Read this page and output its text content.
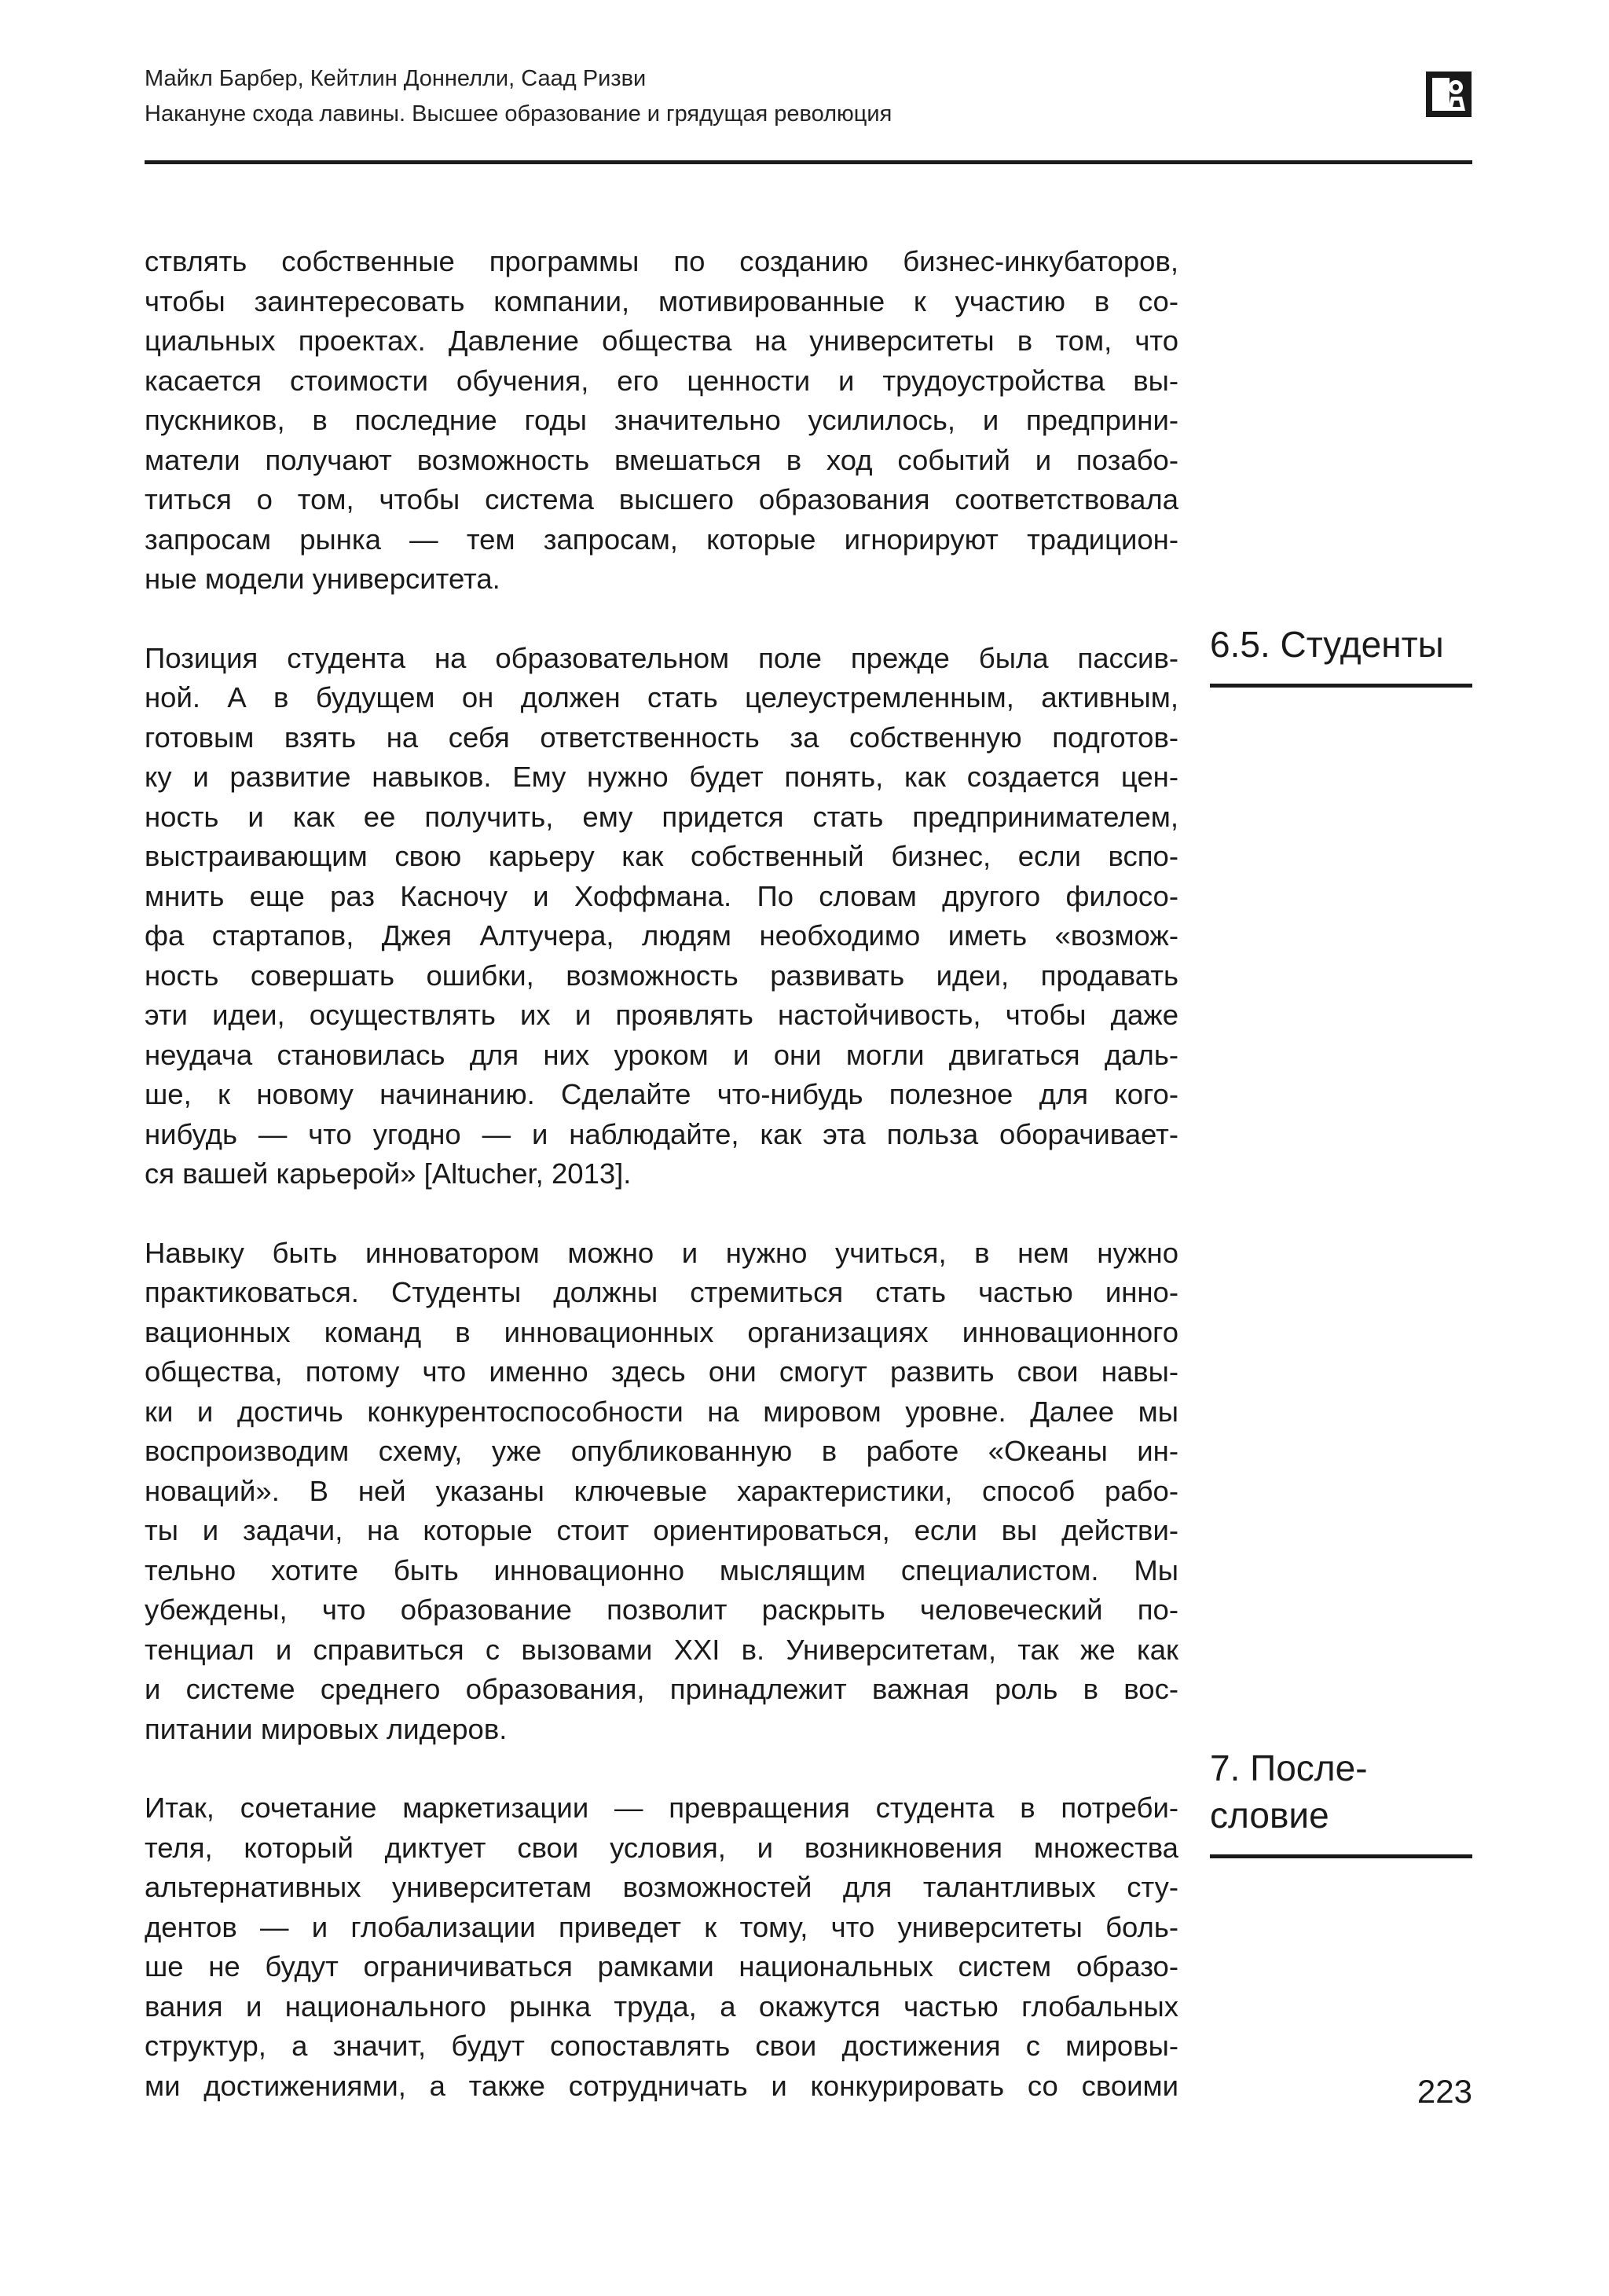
Майкл Барбер, Кейтлин Доннелли, Саад Ризви
Накануне схода лавины. Высшее образование и грядущая революция
ствлять собственные программы по созданию бизнес-инкубаторов,
чтобы заинтересовать компании, мотивированные к участию в со-
циальных проектах. Давление общества на университеты в том, что
касается стоимости обучения, его ценности и трудоустройства вы-
пускников, в последние годы значительно усилилось, и предприни-
матели получают возможность вмешаться в ход событий и позабо-
титься о том, чтобы система высшего образования соответствовала
запросам рынка — тем запросам, которые игнорируют традицион-
ные модели университета.
Позиция студента на образовательном поле прежде была пассив-
ной. А в будущем он должен стать целеустремленным, активным,
готовым взять на себя ответственность за собственную подготов-
ку и развитие навыков. Ему нужно будет понять, как создается цен-
ность и как ее получить, ему придется стать предпринимателем,
выстраивающим свою карьеру как собственный бизнес, если вспо-
мнить еще раз Касночу и Хоффмана. По словам другого филосо-
фа стартапов, Джея Алтучера, людям необходимо иметь «возмож-
ность совершать ошибки, возможность развивать идеи, продавать
эти идеи, осуществлять их и проявлять настойчивость, чтобы даже
неудача становилась для них уроком и они могли двигаться даль-
ше, к новому начинанию. Сделайте что-нибудь полезное для кого-
нибудь — что угодно — и наблюдайте, как эта польза оборачивает-
ся вашей карьерой» [Altucher, 2013].
Навыку быть инноватором можно и нужно учиться, в нем нужно
практиковаться. Студенты должны стремиться стать частью инно-
вационных команд в инновационных организациях инновационного
общества, потому что именно здесь они смогут развить свои навы-
ки и достичь конкурентоспособности на мировом уровне. Далее мы
воспроизводим схему, уже опубликованную в работе «Океаны ин-
новаций». В ней указаны ключевые характеристики, способ рабо-
ты и задачи, на которые стоит ориентироваться, если вы действи-
тельно хотите быть инновационно мыслящим специалистом. Мы
убеждены, что образование позволит раскрыть человеческий по-
тенциал и справиться с вызовами XXI в. Университетам, так же как
и системе среднего образования, принадлежит важная роль в вос-
питании мировых лидеров.
Итак, сочетание маркетизации — превращения студента в потреби-
теля, который диктует свои условия, и возникновения множества
альтернативных университетам возможностей для талантливых сту-
дентов — и глобализации приведет к тому, что университеты боль-
ше не будут ограничиваться рамками национальных систем образо-
вания и национального рынка труда, а окажутся частью глобальных
структур, а значит, будут сопоставлять свои достижения с мировы-
ми достижениями, а также сотрудничать и конкурировать со своими
6.5. Студенты
7. После-
словие
223
